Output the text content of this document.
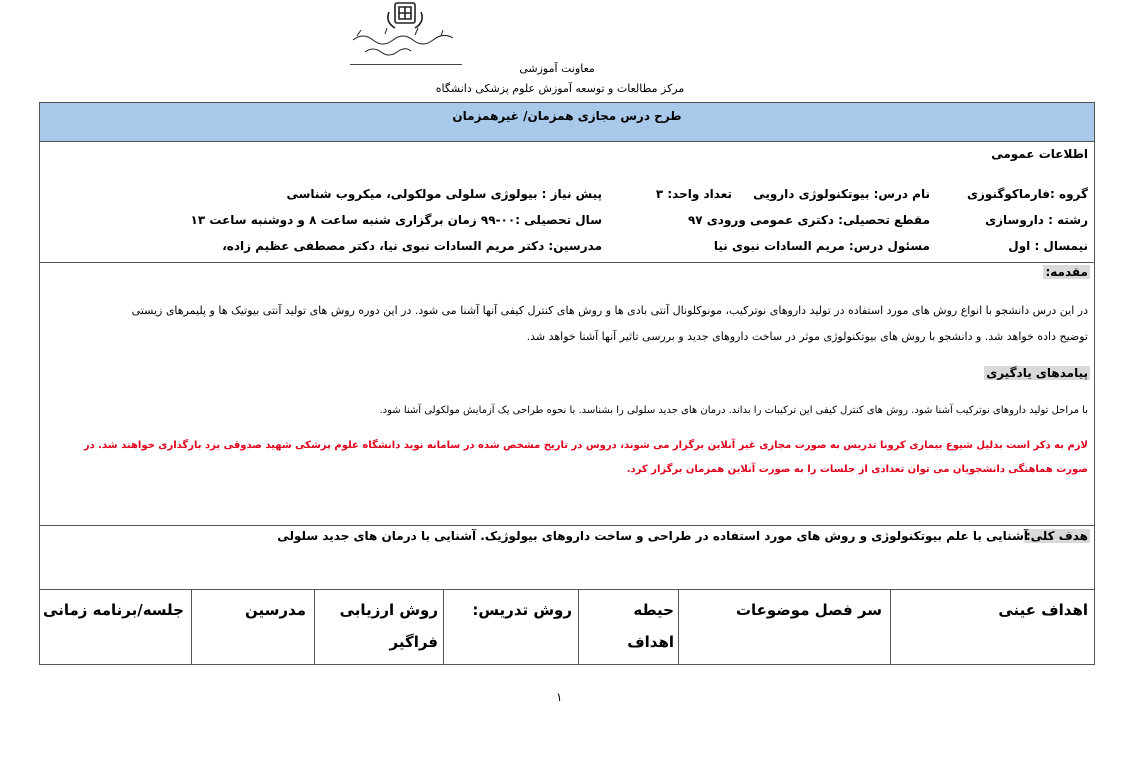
معاونت آموزشی
مرکز مطالعات و توسعه آموزش علوم پزشکی دانشگاه
طرح درس مجازی همزمان/ غیرهمزمان
اطلاعات عمومی
گروه :فارماکوگنوزی
نام درس: بیوتکنولوژی دارویی
تعداد واحد: ۳
پیش نیاز : بیولوژی سلولی مولکولی، میکروب شناسی
رشته : داروسازی
مقطع تحصیلی: دکتری عمومی ورودی ۹۷
سال تحصیلی :۰۰-۹۹ زمان برگزاری شنبه ساعت ۸ و دوشنبه ساعت ۱۳
نیمسال : اول
مسئول درس: مریم السادات نبوی نیا
مدرسین: دکتر مریم السادات نبوی نیا، دکتر مصطفی عظیم زاده،
مقدمه:
در این درس دانشجو با انواع روش های مورد استفاده در تولید داروهای نوترکیب، مونوکلونال آنتی بادی ها و روش های کنترل کیفی آنها آشنا می شود. در این دوره روش های تولید آنتی بیوتیک ها و پلیمرهای زیستی
توضیح داده خواهد شد. و دانشجو با روش های بیوتکنولوژی موثر در ساخت داروهای جدید و بررسی تاثیر آنها آشنا خواهد شد.
پیامدهای یادگیری
با مراحل تولید داروهای نوترکیب آشنا شود. روش های کنترل کیفی این ترکیبات را بداند. درمان های جدید سلولی را بشناسد. با نحوه طراحی یک آزمایش مولکولی آشنا شود.
لازم به ذکر است بدلیل شیوع بیماری کرونا تدریس به صورت مجازی غیر آنلاین برگزار می شوند، دروس در تاریخ مشخص شده در سامانه نوید دانشگاه علوم پزشکی شهید صدوقی یزد بارگذاری خواهند شد. در
صورت هماهنگی دانشجویان می توان تعدادی از جلسات را به صورت آنلاین همزمان برگزار کرد.
هدف کلی:
آشنایی با علم بیوتکنولوژی و روش های مورد استفاده در طراحی و ساخت داروهای بیولوژیک. آشنایی با درمان های جدید سلولی
اهداف عینی
سر فصل موضوعات
حیطه
اهداف
روش تدریس:
روش ارزیابی
فراگیر
مدرسین
جلسه/برنامه زمانی
۱
